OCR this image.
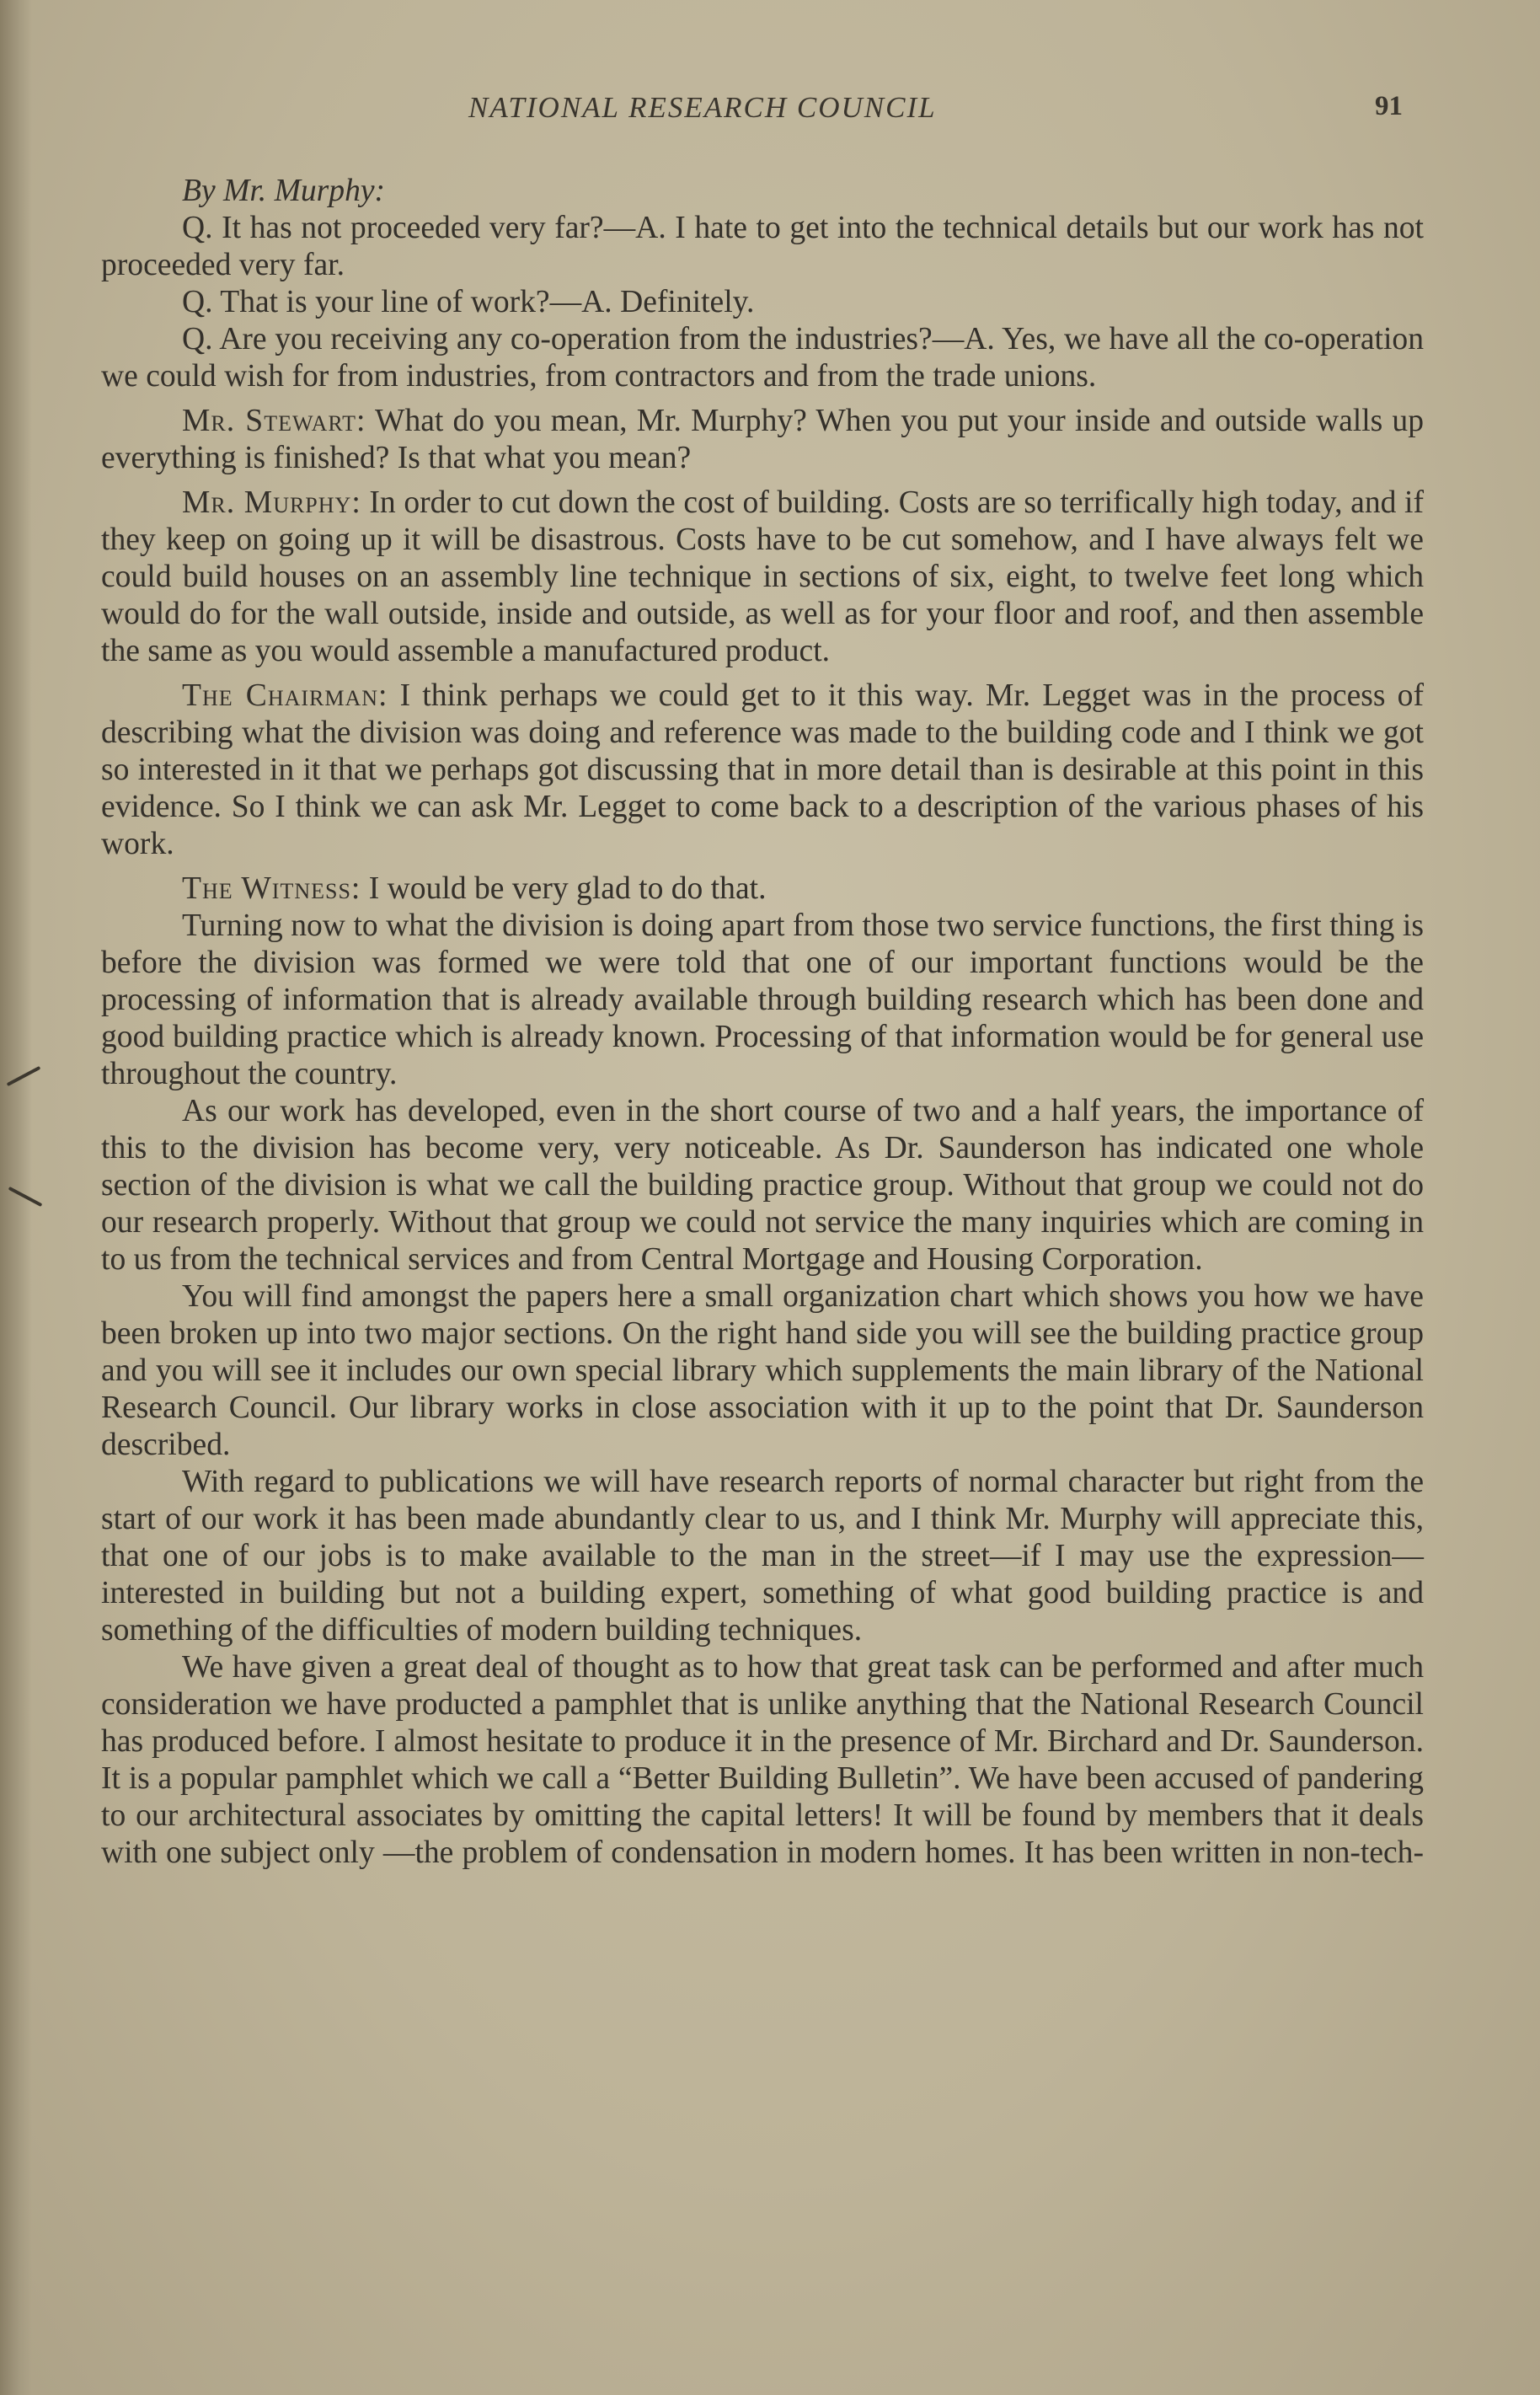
NATIONAL RESEARCH COUNCIL	91

By Mr. Murphy:

Q. It has not proceeded very far?—A. I hate to get into the technical details but our work has not proceeded very far.

Q. That is your line of work?—A. Definitely.

Q. Are you receiving any co-operation from the industries?—A. Yes, we have all the co-operation we could wish for from industries, from contractors and from the trade unions.

Mr. Stewart: What do you mean, Mr. Murphy? When you put your inside and outside walls up everything is finished? Is that what you mean?

Mr. Murphy: In order to cut down the cost of building. Costs are so terrifically high today, and if they keep on going up it will be disastrous. Costs have to be cut somehow, and I have always felt we could build houses on an assembly line technique in sections of six, eight, to twelve feet long which would do for the wall outside, inside and outside, as well as for your floor and roof, and then assemble the same as you would assemble a manufactured product.

The Chairman: I think perhaps we could get to it this way. Mr. Legget was in the process of describing what the division was doing and reference was made to the building code and I think we got so interested in it that we perhaps got discussing that in more detail than is desirable at this point in this evidence. So I think we can ask Mr. Legget to come back to a description of the various phases of his work.

The Witness: I would be very glad to do that.

Turning now to what the division is doing apart from those two service functions, the first thing is before the division was formed we were told that one of our important functions would be the processing of information that is already available through building research which has been done and good building practice which is already known. Processing of that information would be for general use throughout the country.

As our work has developed, even in the short course of two and a half years, the importance of this to the division has become very, very noticeable. As Dr. Saunderson has indicated one whole section of the division is what we call the building practice group. Without that group we could not do our research properly. Without that group we could not service the many inquiries which are coming in to us from the technical services and from Central Mortgage and Housing Corporation.

You will find amongst the papers here a small organization chart which shows you how we have been broken up into two major sections. On the right hand side you will see the building practice group and you will see it includes our own special library which supplements the main library of the National Research Council. Our library works in close association with it up to the point that Dr. Saunderson described.

With regard to publications we will have research reports of normal character but right from the start of our work it has been made abundantly clear to us, and I think Mr. Murphy will appreciate this, that one of our jobs is to make available to the man in the street—if I may use the expression—interested in building but not a building expert, something of what good building practice is and something of the difficulties of modern building techniques.

We have given a great deal of thought as to how that great task can be performed and after much consideration we have producted a pamphlet that is unlike anything that the National Research Council has produced before. I almost hesitate to produce it in the presence of Mr. Birchard and Dr. Saunderson. It is a popular pamphlet which we call a “Better Building Bulletin”. We have been accused of pandering to our architectural associates by omitting the capital letters! It will be found by members that it deals with one subject only —the problem of condensation in modern homes. It has been written in non-tech-
